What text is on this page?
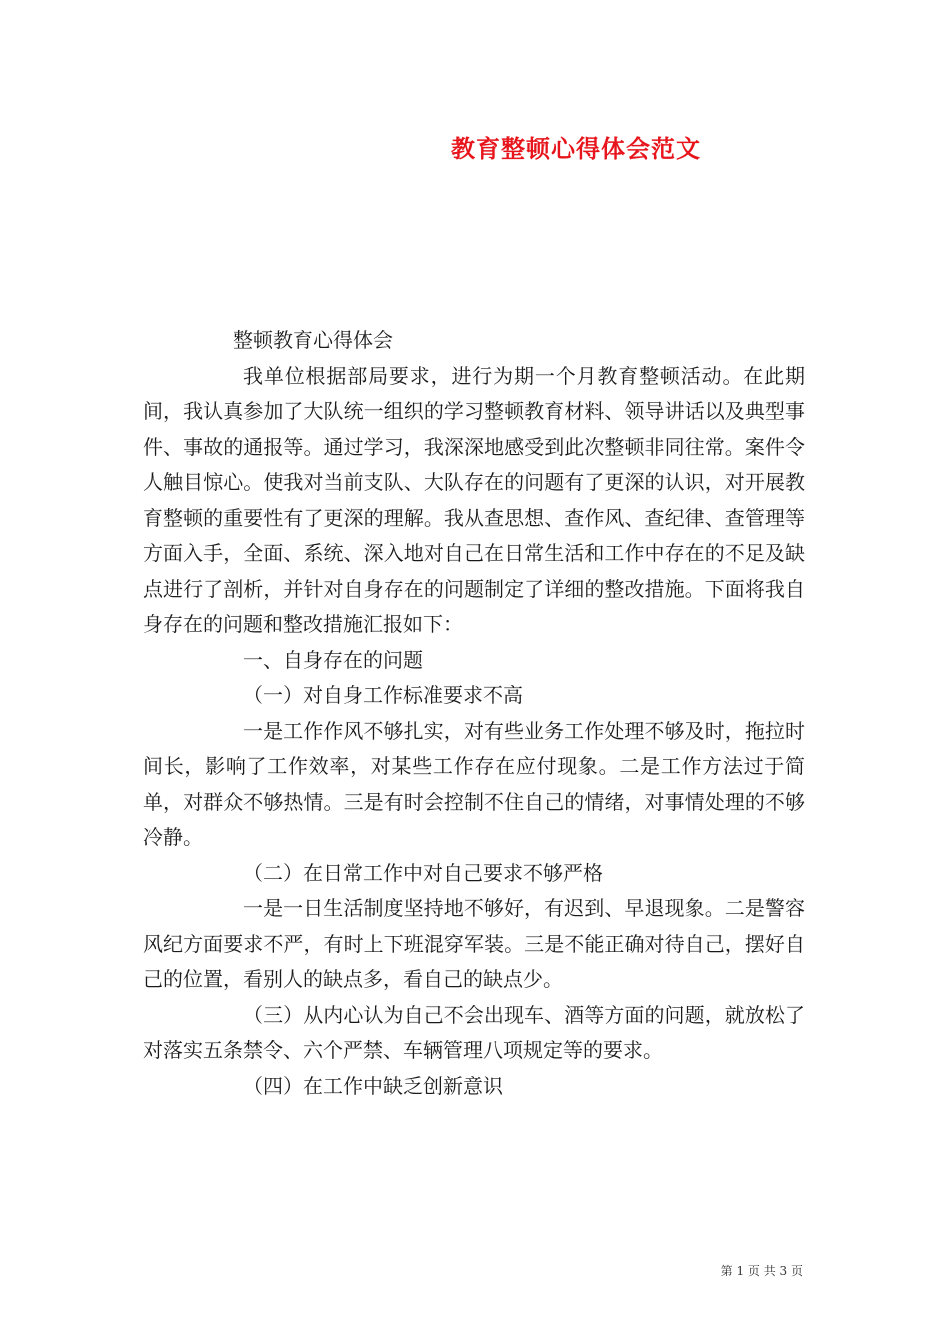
教育整顿心得体会范文

整顿教育心得体会

我单位根据部局要求，进行为期一个月教育整顿活动。在此期间，我认真参加了大队统一组织的学习整顿教育材料、领导讲话以及典型事件、事故的通报等。通过学习，我深深地感受到此次整顿非同往常。案件令人触目惊心。使我对当前支队、大队存在的问题有了更深的认识，对开展教育整顿的重要性有了更深的理解。我从查思想、查作风、查纪律、查管理等方面入手，全面、系统、深入地对自己在日常生活和工作中存在的不足及缺点进行了剖析，并针对自身存在的问题制定了详细的整改措施。下面将我自身存在的问题和整改措施汇报如下：

一、自身存在的问题

（一）对自身工作标准要求不高

一是工作作风不够扎实，对有些业务工作处理不够及时，拖拉时间长，影响了工作效率，对某些工作存在应付现象。二是工作方法过于简单，对群众不够热情。三是有时会控制不住自己的情绪，对事情处理的不够冷静。

（二）在日常工作中对自己要求不够严格

一是一日生活制度坚持地不够好，有迟到、早退现象。二是警容风纪方面要求不严，有时上下班混穿军装。三是不能正确对待自己，摆好自己的位置，看别人的缺点多，看自己的缺点少。

（三）从内心认为自己不会出现车、酒等方面的问题，就放松了对落实五条禁令、六个严禁、车辆管理八项规定等的要求。

（四）在工作中缺乏创新意识

第 1 页 共 3 页
